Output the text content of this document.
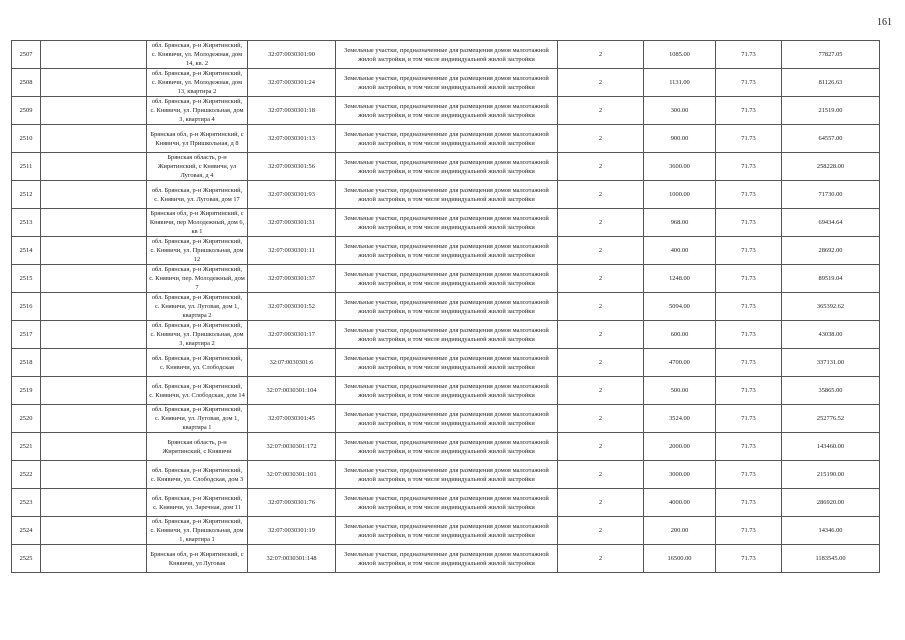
161
2507		обл. Брянская, р-н Жирятинский, с. Княвичи, ул. Молодежная, дом 14, кв. 2	32:07:0030301:90	Земельные участки, предназначенные для размещения домов малоэтажной жилой застройки, в том числе индивидуальной жилой застройки	2	1085.00	71.73	77827.05
2508		обл. Брянская, р-н Жирятинский, с. Княвичи, ул. Молодежная, дом 13, квартира 2	32:07:0030301:24	Земельные участки, предназначенные для размещения домов малоэтажной жилой застройки, в том числе индивидуальной жилой застройки	2	1131.00	71.73	81126.63
2509		обл. Брянская, р-н Жирятинский, с. Княвичи, ул. Пришкольная, дом 3, квартира 4	32:07:0030301:18	Земельные участки, предназначенные для размещения домов малоэтажной жилой застройки, в том числе индивидуальной жилой застройки	2	300.00	71.73	21519.00
2510		Брянская обл, р-н Жирятинский, с Княвичи, ул Пришкольная, д 8	32:07:0030301:13	Земельные участки, предназначенные для размещения домов малоэтажной жилой застройки, в том числе индивидуальной жилой застройки	2	900.00	71.73	64557.00
2511		Брянская область, р-н Жирятинский, с Княвичи, ул Луговая, д 4	32:07:0030301:56	Земельные участки, предназначенные для размещения домов малоэтажной жилой застройки, в том числе индивидуальной жилой застройки	2	3600.00	71.73	258228.00
2512		обл. Брянская, р-н Жирятинский, с. Княвичи, ул. Луговая, дом 17	32:07:0030301:93	Земельные участки, предназначенные для размещения домов малоэтажной жилой застройки, в том числе индивидуальной жилой застройки	2	1000.00	71.73	71730.00
2513		Брянская обл, р-н Жирятинский, с Княвичи, пер Молодежный, дом 6, кв 1	32:07:0030301:31	Земельные участки, предназначенные для размещения домов малоэтажной жилой застройки, в том числе индивидуальной жилой застройки	2	968.00	71.73	69434.64
2514		обл. Брянская, р-н Жирятинский, с. Княвичи, ул. Пришкольная, дом 12	32:07:0030301:11	Земельные участки, предназначенные для размещения домов малоэтажной жилой застройки, в том числе индивидуальной жилой застройки	2	400.00	71.73	28692.00
2515		обл. Брянская, р-н Жирятинский, с. Княвичи, пер. Молодежный, дом 7	32:07:0030301:37	Земельные участки, предназначенные для размещения домов малоэтажной жилой застройки, в том числе индивидуальной жилой застройки	2	1248.00	71.73	89519.04
2516		обл. Брянская, р-н Жирятинский, с. Княвичи, ул. Луговая, дом 1, квартира 2	32:07:0030301:52	Земельные участки, предназначенные для размещения домов малоэтажной жилой застройки, в том числе индивидуальной жилой застройки	2	5094.00	71.73	365392.62
2517		обл. Брянская, р-н Жирятинский, с. Княвичи, ул. Пришкольная, дом 3, квартира 2	32:07:0030301:17	Земельные участки, предназначенные для размещения домов малоэтажной жилой застройки, в том числе индивидуальной жилой застройки	2	600.00	71.73	43038.00
2518		обл. Брянская, р-н Жирятинский, с. Княвичи, ул. Слободская	32:07:0030301:6	Земельные участки, предназначенные для размещения домов малоэтажной жилой застройки, в том числе индивидуальной жилой застройки	2	4700.00	71.73	337131.00
2519		обл. Брянская, р-н Жирятинский, с. Княвичи, ул. Слободская, дом 14	32:07:0030301:104	Земельные участки, предназначенные для размещения домов малоэтажной жилой застройки, в том числе индивидуальной жилой застройки	2	500.00	71.73	35865.00
2520		обл. Брянская, р-н Жирятинский, с. Княвичи, ул. Луговая, дом 1, квартира 1	32:07:0030301:45	Земельные участки, предназначенные для размещения домов малоэтажной жилой застройки, в том числе индивидуальной жилой застройки	2	3524.00	71.73	252776.52
2521		Брянская область, р-н Жирятинский, с Княвичи	32:07:0030301:172	Земельные участки, предназначенные для размещения домов малоэтажной жилой застройки, в том числе индивидуальной жилой застройки	2	2000.00	71.73	143460.00
2522		обл. Брянская, р-н Жирятинский, с. Княвичи, ул. Слободская, дом 3	32:07:0030301:101	Земельные участки, предназначенные для размещения домов малоэтажной жилой застройки, в том числе индивидуальной жилой застройки	2	3000.00	71.73	215190.00
2523		обл. Брянская, р-н Жирятинский, с. Княвичи, ул. Заречная, дом 11	32:07:0030301:76	Земельные участки, предназначенные для размещения домов малоэтажной жилой застройки, в том числе индивидуальной жилой застройки	2	4000.00	71.73	286920.00
2524		обл. Брянская, р-н Жирятинский, с. Княвичи, ул. Пришкольная, дом 1, квартира 1	32:07:0030301:19	Земельные участки, предназначенные для размещения домов малоэтажной жилой застройки, в том числе индивидуальной жилой застройки	2	200.00	71.73	14346.00
2525		Брянская обл, р-н Жирятинский, с Княвичи, ул Луговая	32:07:0030301:148	Земельные участки, предназначенные для размещения домов малоэтажной жилой застройки, в том числе индивидуальной жилой застройки	2	16500.00	71.73	1183545.00
